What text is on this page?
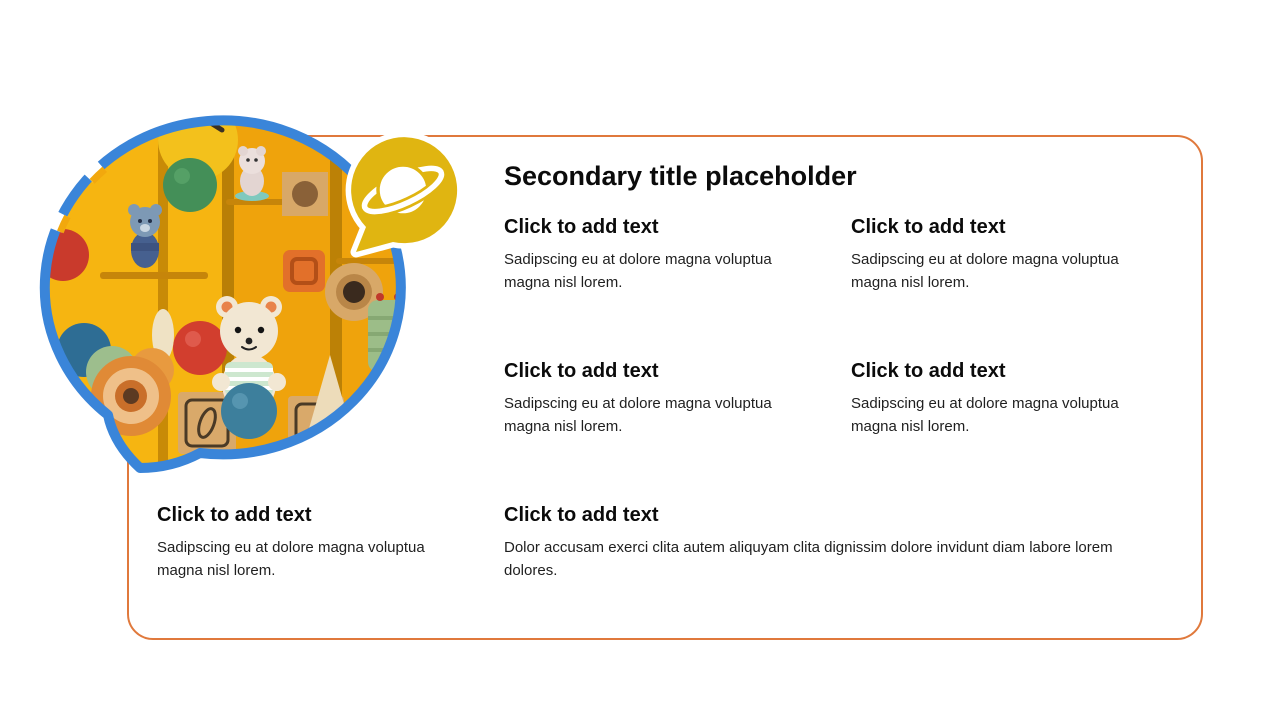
Secondary title placeholder
Click to add text
Sadipscing eu at dolore magna voluptua magna nisl lorem.
Click to add text
Sadipscing eu at dolore magna voluptua magna nisl lorem.
Click to add text
Sadipscing eu at dolore magna voluptua magna nisl lorem.
Click to add text
Sadipscing eu at dolore magna voluptua magna nisl lorem.
Click to add text
Sadipscing eu at dolore magna voluptua magna nisl lorem.
Click to add text
Dolor accusam exerci clita autem aliquyam clita dignissim dolore invidunt diam labore lorem dolores.
